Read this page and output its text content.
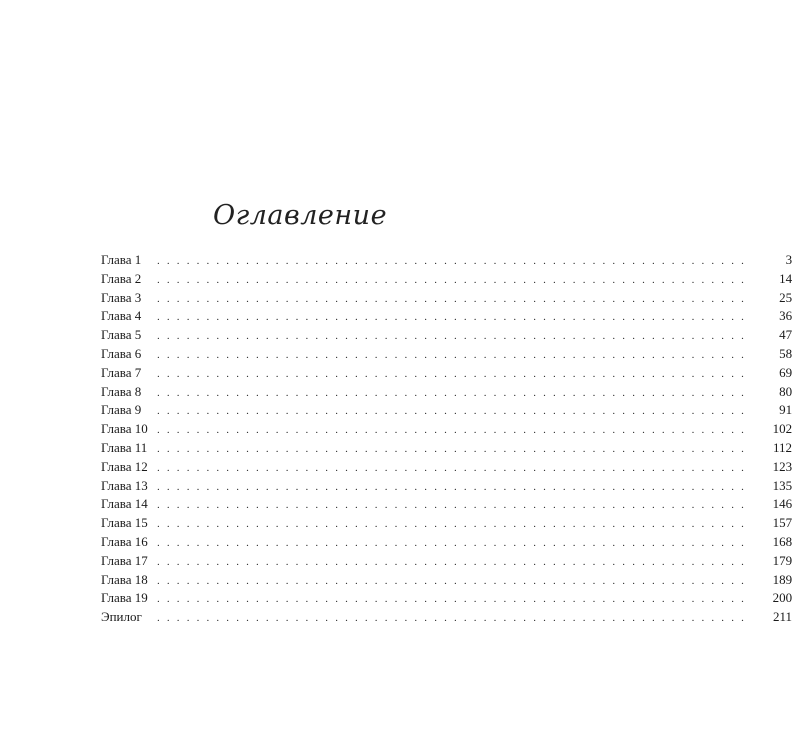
Оглавление
Глава 1	. . . . . . . . . . . . . . . . . . . . . . . . . . . . . . . . . . . . . . . . . . . . . . . . . . . . . . . . . . . .	3
Глава 2	. . . . . . . . . . . . . . . . . . . . . . . . . . . . . . . . . . . . . . . . . . . . . . . . . . . . . . . . . . . .	14
Глава 3	. . . . . . . . . . . . . . . . . . . . . . . . . . . . . . . . . . . . . . . . . . . . . . . . . . . . . . . . . . . .	25
Глава 4	. . . . . . . . . . . . . . . . . . . . . . . . . . . . . . . . . . . . . . . . . . . . . . . . . . . . . . . . . . . .	36
Глава 5	. . . . . . . . . . . . . . . . . . . . . . . . . . . . . . . . . . . . . . . . . . . . . . . . . . . . . . . . . . . .	47
Глава 6	. . . . . . . . . . . . . . . . . . . . . . . . . . . . . . . . . . . . . . . . . . . . . . . . . . . . . . . . . . . .	58
Глава 7	. . . . . . . . . . . . . . . . . . . . . . . . . . . . . . . . . . . . . . . . . . . . . . . . . . . . . . . . . . . .	69
Глава 8	. . . . . . . . . . . . . . . . . . . . . . . . . . . . . . . . . . . . . . . . . . . . . . . . . . . . . . . . . . . .	80
Глава 9	. . . . . . . . . . . . . . . . . . . . . . . . . . . . . . . . . . . . . . . . . . . . . . . . . . . . . . . . . . . .	91
Глава 10 . . . . . . . . . . . . . . . . . . . . . . . . . . . . . . . . . . . . . . . . . . . . . . . . . . . . . . . . . . . .	102
Глава 11 . . . . . . . . . . . . . . . . . . . . . . . . . . . . . . . . . . . . . . . . . . . . . . . . . . . . . . . . . . . .	112
Глава 12 . . . . . . . . . . . . . . . . . . . . . . . . . . . . . . . . . . . . . . . . . . . . . . . . . . . . . . . . . . . .	123
Глава 13 . . . . . . . . . . . . . . . . . . . . . . . . . . . . . . . . . . . . . . . . . . . . . . . . . . . . . . . . . . . .	135
Глава 14 . . . . . . . . . . . . . . . . . . . . . . . . . . . . . . . . . . . . . . . . . . . . . . . . . . . . . . . . . . . .	146
Глава 15 . . . . . . . . . . . . . . . . . . . . . . . . . . . . . . . . . . . . . . . . . . . . . . . . . . . . . . . . . . . .	157
Глава 16 . . . . . . . . . . . . . . . . . . . . . . . . . . . . . . . . . . . . . . . . . . . . . . . . . . . . . . . . . . . .	168
Глава 17 . . . . . . . . . . . . . . . . . . . . . . . . . . . . . . . . . . . . . . . . . . . . . . . . . . . . . . . . . . . .	179
Глава 18 . . . . . . . . . . . . . . . . . . . . . . . . . . . . . . . . . . . . . . . . . . . . . . . . . . . . . . . . . . . .	189
Глава 19 . . . . . . . . . . . . . . . . . . . . . . . . . . . . . . . . . . . . . . . . . . . . . . . . . . . . . . . . . . . .	200
Эпилог	. . . . . . . . . . . . . . . . . . . . . . . . . . . . . . . . . . . . . . . . . . . . . . . . . . . . . . . . . . . .	211
